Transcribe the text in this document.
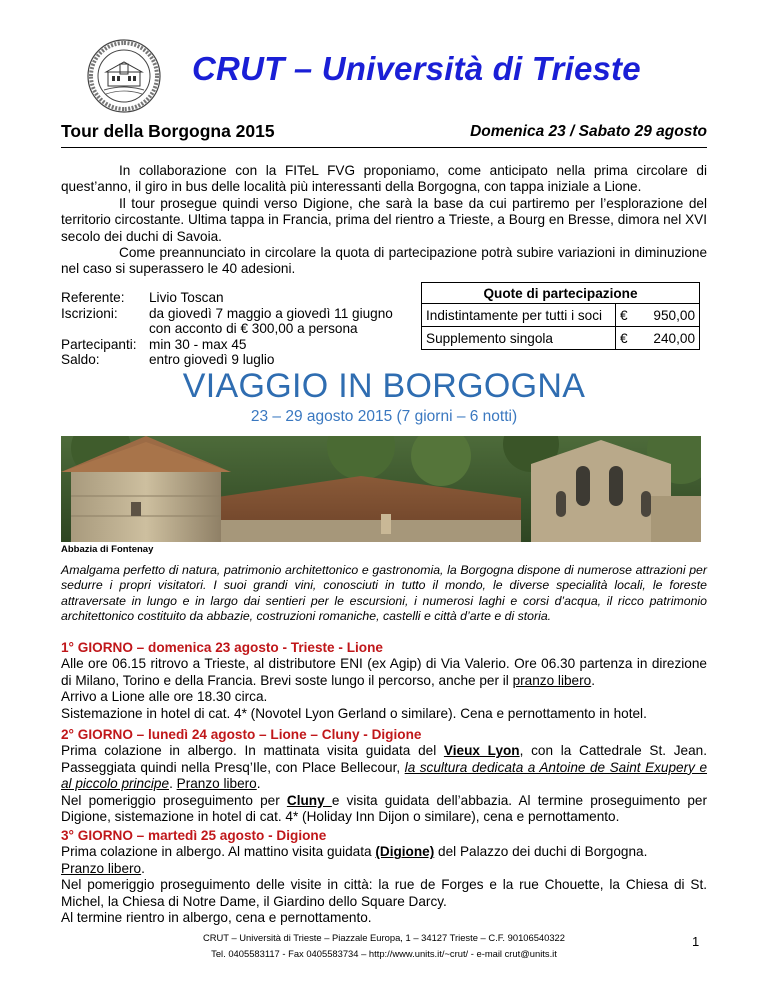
CRUT – Università di Trieste
Tour della Borgogna 2015	Domenica 23 / Sabato 29 agosto

In collaborazione con la FITeL FVG proponiamo, come anticipato nella prima circolare di quest’anno, il giro in bus delle località più interessanti della Borgogna, con tappa iniziale a Lione.

Il tour prosegue quindi verso Digione, che sarà la base da cui partiremo per l’esplorazione del territorio circostante. Ultima tappa in Francia, prima del rientro a Trieste, a Bourg en Bresse, dimora nel XVI secolo dei duchi di Savoia.

Come preannunciato in circolare la quota di partecipazione potrà subire variazioni in diminuzione nel caso si superassero le 40 adesioni.

Referente:	Livio Toscan
Iscrizioni:	da giovedì 7 maggio a giovedì 11 giugno
con acconto di € 300,00 a persona
Partecipanti: min 30 - max 45
Saldo:	entro giovedì 9 luglio
Quote di partecipazione		
Indistintamente per tutti i soci	€	950,00
Supplemento singola	€	240,00
VIAGGIO IN BORGOGNA
23 – 29 agosto 2015 (7 giorni – 6 notti)
Abbazia di Fontenay
Amalgama perfetto di natura, patrimonio architettonico e gastronomia, la Borgogna dispone di numerose attrazioni per sedurre i propri visitatori. I suoi grandi vini, conosciuti in tutto il mondo, le diverse specialità locali, le foreste attraversate in lungo e in largo dai sentieri per le escursioni, i numerosi laghi e corsi d’acqua, il ricco patrimonio architettonico costituito da abbazie, costruzioni romaniche, castelli e città d’arte e di storia.
1° GIORNO – domenica 23 agosto - Trieste - Lione

Alle ore 06.15 ritrovo a Trieste, al distributore ENI (ex Agip) di Via Valerio. Ore 06.30 partenza in direzione di Milano, Torino e della Francia. Brevi soste lungo il percorso, anche per il pranzo libero.

Arrivo a Lione alle ore 18.30 circa.

Sistemazione in hotel di cat. 4* (Novotel Lyon Gerland o similare). Cena e pernottamento in hotel.

2° GIORNO – lunedì 24 agosto – Lione – Cluny - Digione

Prima colazione in albergo. In mattinata visita guidata del Vieux Lyon, con la Cattedrale St. Jean. Passeggiata quindi nella Presq’Ile, con Place Bellecour, la scultura dedicata a Antoine de Saint Exupery e al piccolo principe. Pranzo libero.

Nel pomeriggio proseguimento per Cluny e visita guidata dell’abbazia. Al termine proseguimento per Digione, sistemazione in hotel di cat. 4* (Holiday Inn Dijon o similare), cena e pernottamento.

3° GIORNO – martedì 25 agosto - Digione

Prima colazione in albergo. Al mattino visita guidata (Digione) del Palazzo dei duchi di Borgogna.
Pranzo libero.

Nel pomeriggio proseguimento delle visite in città: la rue de Forges e la rue Chouette, la Chiesa di St. Michel, la Chiesa di Notre Dame, il Giardino dello Square Darcy.

Al termine rientro in albergo, cena e pernottamento.

CRUT – Università di Trieste – Piazzale Europa, 1 – 34127 Trieste – C.F. 90106540322
Tel. 0405583117 - Fax 0405583734 – http://www.units.it/~crut/ - e-mail crut@units.it
1
